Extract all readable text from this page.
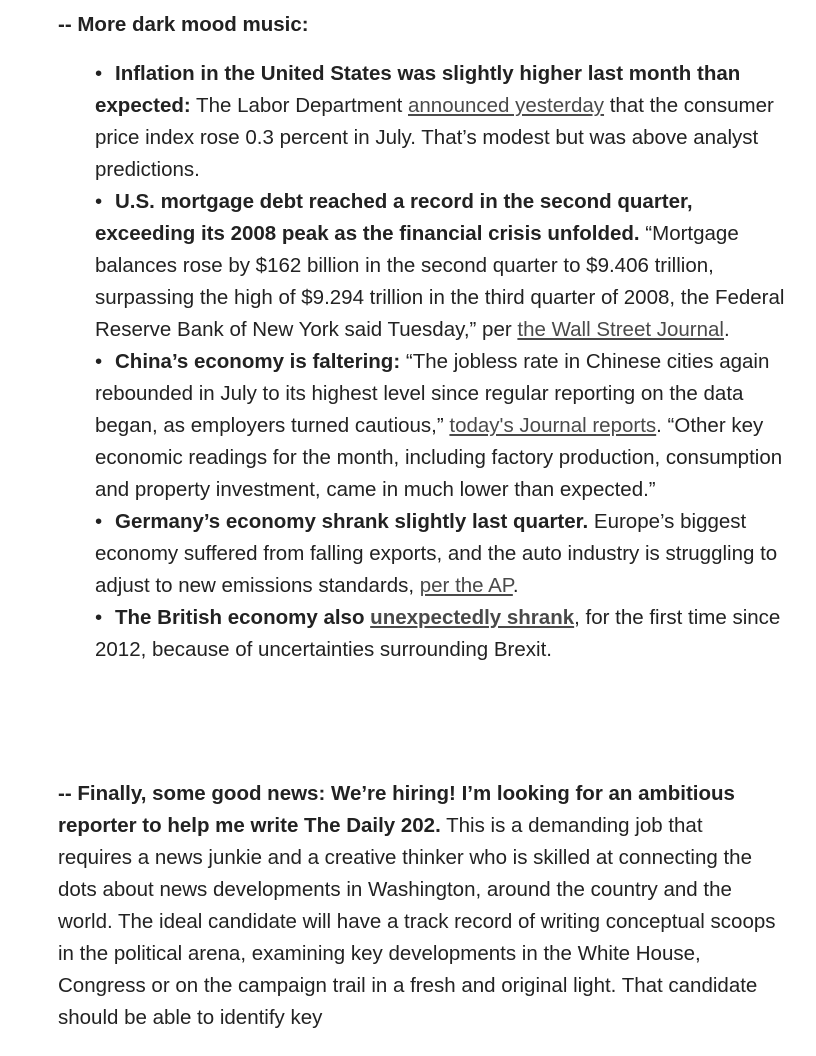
-- More dark mood music:

• Inflation in the United States was slightly higher last month than expected: The Labor Department announced yesterday that the consumer price index rose 0.3 percent in July. That’s modest but was above analyst predictions.

• U.S. mortgage debt reached a record in the second quarter, exceeding its 2008 peak as the financial crisis unfolded. “Mortgage balances rose by $162 billion in the second quarter to $9.406 trillion, surpassing the high of $9.294 trillion in the third quarter of 2008, the Federal Reserve Bank of New York said Tuesday,” per the Wall Street Journal.

• China’s economy is faltering: “The jobless rate in Chinese cities again rebounded in July to its highest level since regular reporting on the data began, as employers turned cautious,” today's Journal reports. “Other key economic readings for the month, including factory production, consumption and property investment, came in much lower than expected.”

• Germany’s economy shrank slightly last quarter. Europe’s biggest economy suffered from falling exports, and the auto industry is struggling to adjust to new emissions standards, per the AP.

• The British economy also unexpectedly shrank, for the first time since 2012, because of uncertainties surrounding Brexit.

-- Finally, some good news: We’re hiring! I’m looking for an ambitious reporter to help me write The Daily 202. This is a demanding job that requires a news junkie and a creative thinker who is skilled at connecting the dots about news developments in Washington, around the country and the world. The ideal candidate will have a track record of writing conceptual scoops in the political arena, examining key developments in the White House, Congress or on the campaign trail in a fresh and original light. That candidate should be able to identify key
